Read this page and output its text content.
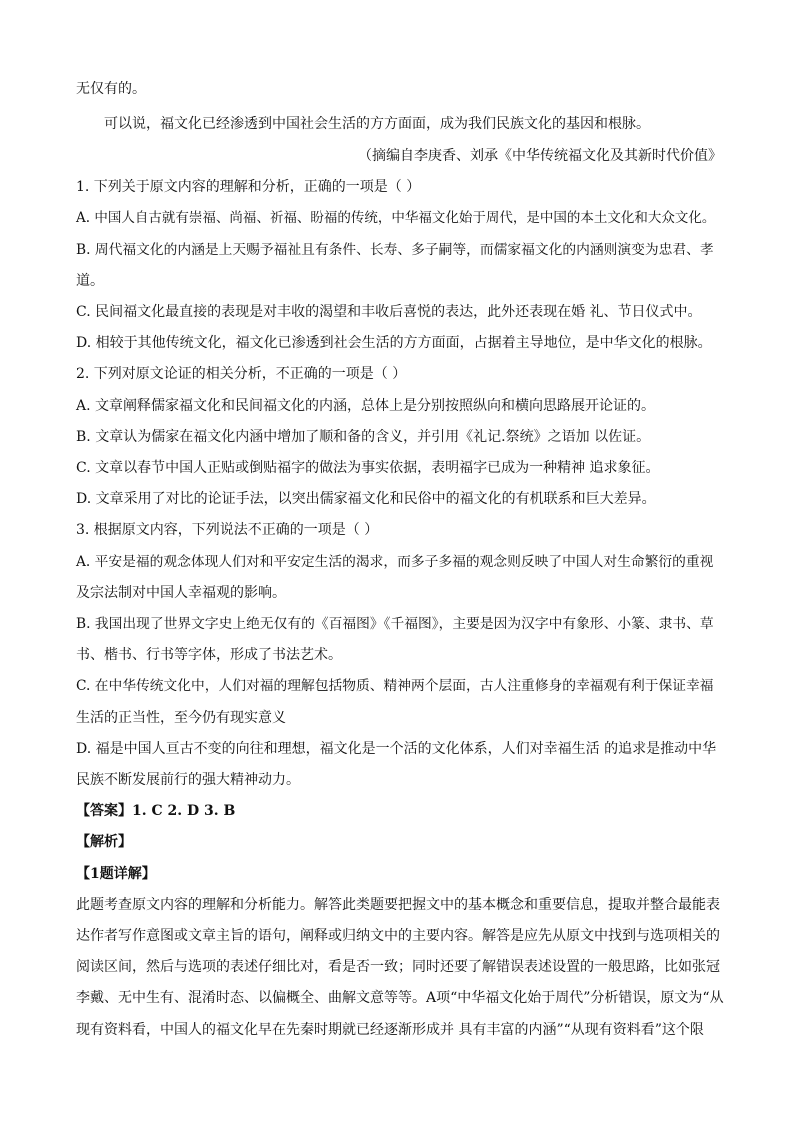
无仅有的。
可以说，福文化已经渗透到中国社会生活的方方面面，成为我们民族文化的基因和根脉。
（摘编自李庚香、刘承《中华传统福文化及其新时代价值》
1. 下列关于原文内容的理解和分析，正确的一项是（ ）
A. 中国人自古就有崇福、尚福、祈福、盼福的传统，中华福文化始于周代，是中国的本土文化和大众文化。
B. 周代福文化的内涵是上天赐予福祉且有条件、长寿、多子嗣等，而儒家福文化的内涵则演变为忠君、孝
道。
C. 民间福文化最直接的表现是对丰收的渴望和丰收后喜悦的表达，此外还表现在婚 礼、节日仪式中。
D. 相较于其他传统文化，福文化已渗透到社会生活的方方面面，占据着主导地位，是中华文化的根脉。
2. 下列对原文论证的相关分析，不正确的一项是（ ）
A. 文章阐释儒家福文化和民间福文化的内涵，总体上是分别按照纵向和横向思路展开论证的。
B. 文章认为儒家在福文化内涵中增加了顺和备的含义，并引用《礼记.祭统》之语加 以佐证。
C. 文章以春节中国人正贴或倒贴福字的做法为事实依据，表明福字已成为一种精神 追求象征。
D. 文章采用了对比的论证手法，以突出儒家福文化和民俗中的福文化的有机联系和巨大差异。
3. 根据原文内容，下列说法不正确的一项是（ ）
A. 平安是福的观念体现人们对和平安定生活的渴求，而多子多福的观念则反映了中国人对生命繁衍的重视
及宗法制对中国人幸福观的影响。
B. 我国出现了世界文字史上绝无仅有的《百福图》《千福图》，主要是因为汉字中有象形、小篆、隶书、草
书、楷书、行书等字体，形成了书法艺术。
C. 在中华传统文化中，人们对福的理解包括物质、精神两个层面，古人注重修身的幸福观有利于保证幸福
生活的正当性，至今仍有现实意义
D. 福是中国人亘古不变的向往和理想，福文化是一个活的文化体系，人们对幸福生活 的追求是推动中华
民族不断发展前行的强大精神动力。
【答案】1. C 2. D 3. B
【解析】
【1题详解】
此题考查原文内容的理解和分析能力。解答此类题要把握文中的基本概念和重要信息，提取并整合最能表
达作者写作意图或文章主旨的语句，阐释或归纳文中的主要内容。解答是应先从原文中找到与选项相关的
阅读区间，然后与选项的表述仔细比对，看是否一致；同时还要了解错误表述设置的一般思路，比如张冠
李戴、无中生有、混淆时态、以偏概全、曲解文意等等。A项“中华福文化始于周代”分析错误，原文为“从
现有资料看，中国人的福文化早在先秦时期就已经逐渐形成并 具有丰富的内涵”“从现有资料看”这个限
